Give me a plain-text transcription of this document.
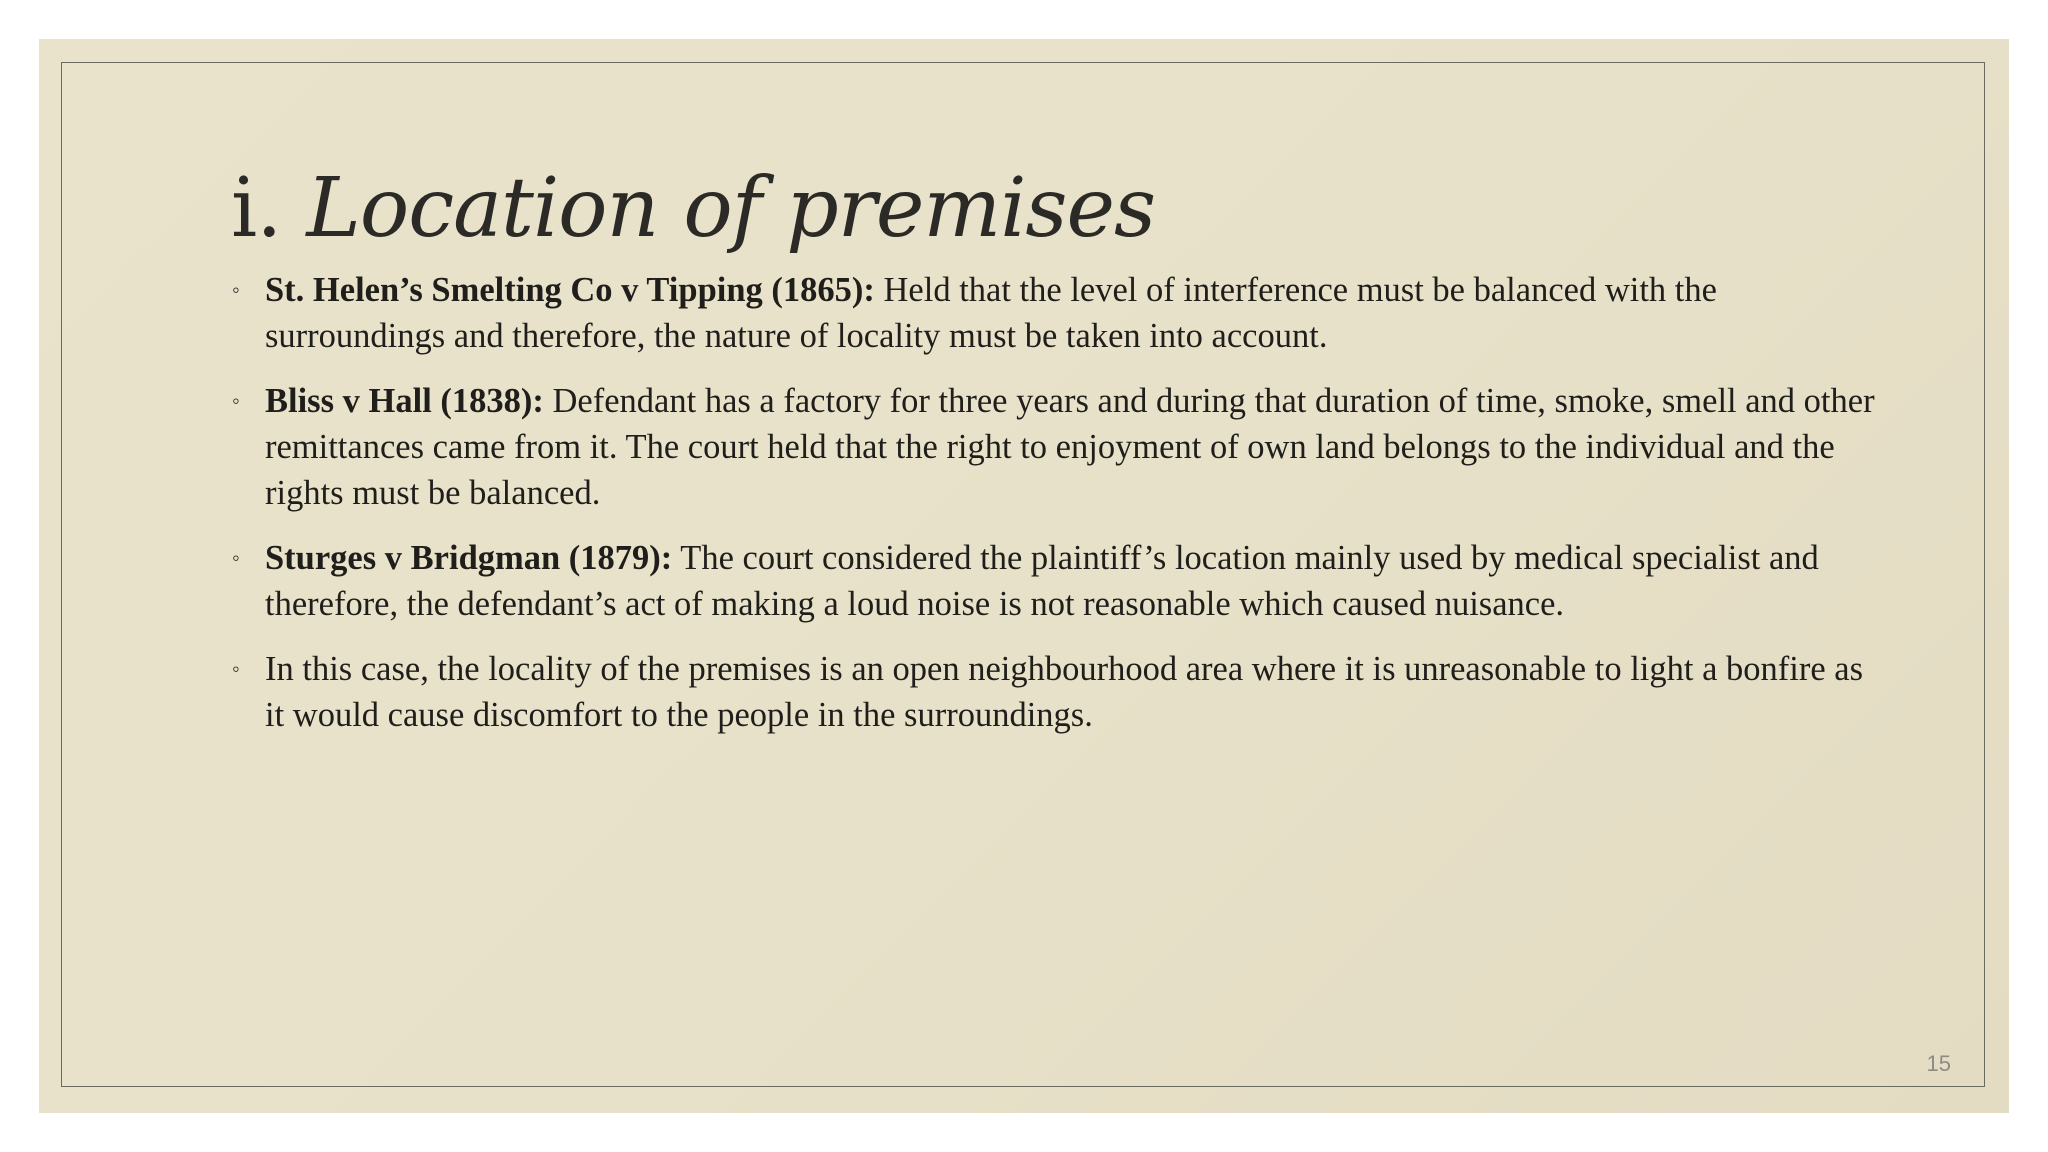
i. Location of premises
◦ St. Helen’s Smelting Co v Tipping (1865): Held that the level of interference must be balanced with the surroundings and therefore, the nature of locality must be taken into account.
◦ Bliss v Hall (1838): Defendant has a factory for three years and during that duration of time, smoke, smell and other remittances came from it. The court held that the right to enjoyment of own land belongs to the individual and the rights must be balanced.
◦ Sturges v Bridgman (1879): The court considered the plaintiff’s location mainly used by medical specialist and therefore, the defendant’s act of making a loud noise is not reasonable which caused nuisance.
◦ In this case, the locality of the premises is an open neighbourhood area where it is unreasonable to light a bonfire as it would cause discomfort to the people in the surroundings.
15
